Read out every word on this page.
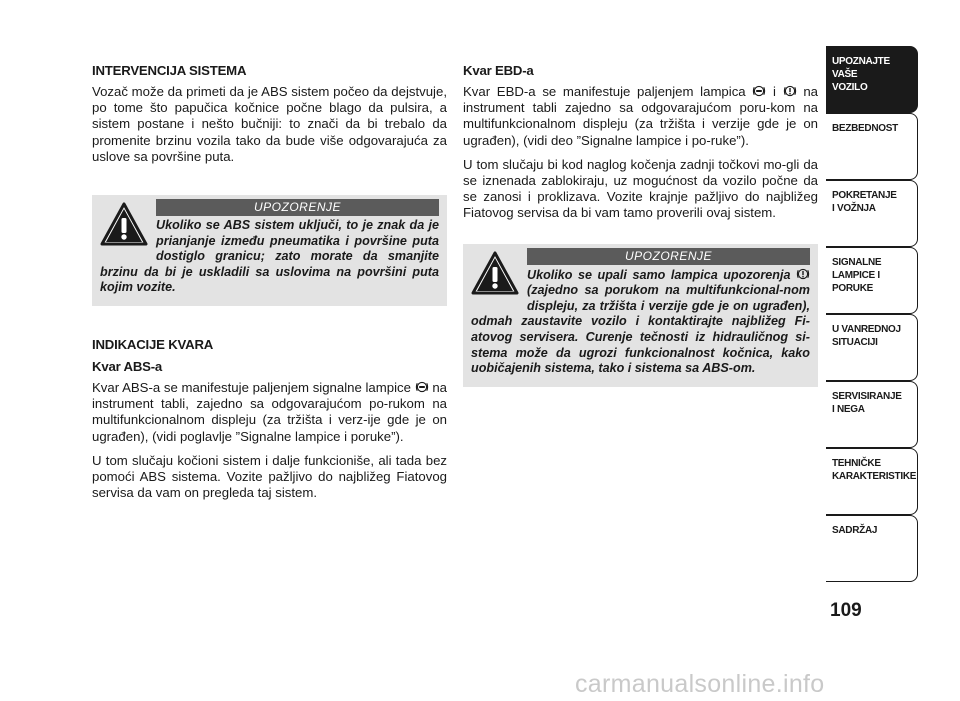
INTERVENCIJA SISTEMA

Vozač može da primeti da je ABS sistem počeo da dejstvuje, po tome što papučica kočnice počne blago da pulsira, a sistem postane i nešto bučniji: to znači da bi trebalo da promenite brzinu vozila tako da bude više odgovarajuća za uslove sa površine puta.

UPOZORENJE
Ukoliko se ABS sistem uključi, to je znak da je prianjanje između pneumatika i površine puta dostiglo granicu; zato morate da smanjite brzinu da bi je uskladili sa uslovima na površini puta kojim vozite.
INDIKACIJE KVARA
Kvar ABS-a

Kvar ABS-a se manifestuje paljenjem signalne lampice na instrument tabli, zajedno sa odgovarajućom po-rukom na multifunkcionalnom displeju (za tržišta i verz-ije gde je on ugrađen), (vidi poglavlje ”Signalne lampice i poruke”).

U tom slučaju kočioni sistem i dalje funkcioniše, ali tada bez pomoći ABS sistema. Vozite pažljivo do najbližeg Fiatovog servisa da vam on pregleda taj sistem.

Kvar EBD-a

Kvar EBD-a se manifestuje paljenjem lampica i na instrument tabli zajedno sa odgovarajućom poru-kom na multifunkcionalnom displeju (za tržišta i verzije gde je on ugrađen), (vidi deo ”Signalne lampice i po-ruke”).

U tom slučaju bi kod naglog kočenja zadnji točkovi mo-gli da se iznenada zablokiraju, uz mogućnost da vozilo počne da se zanosi i proklizava. Vozite krajnje pažljivo do najbližeg Fiatovog servisa da bi vam tamo proverili ovaj sistem.

UPOZORENJE
Ukoliko se upali samo lampica upozorenja  (zajedno sa porukom na multifunkcional-nom displeju, za tržišta i verzije gde je on ugrađen), odmah zaustavite vozilo i kontaktirajte najbližeg Fi-atovog servisera. Curenje tečnosti iz hidrauličnog si-stema može da ugrozi funkcionalnost kočnica, kako uobičajenih sistema, tako i sistema sa ABS-om.
UPOZNAJTE
VAŠE
VOZILO
BEZBEDNOST
POKRETANJE
I VOŽNJA
SIGNALNE
LAMPICE I PORUKE
U VANREDNOJ
SITUACIJI
SERVISIRANJE
I NEGA
TEHNIČKE
KARAKTERISTIKE
SADRŽAJ
109
carmanualsonline.info
